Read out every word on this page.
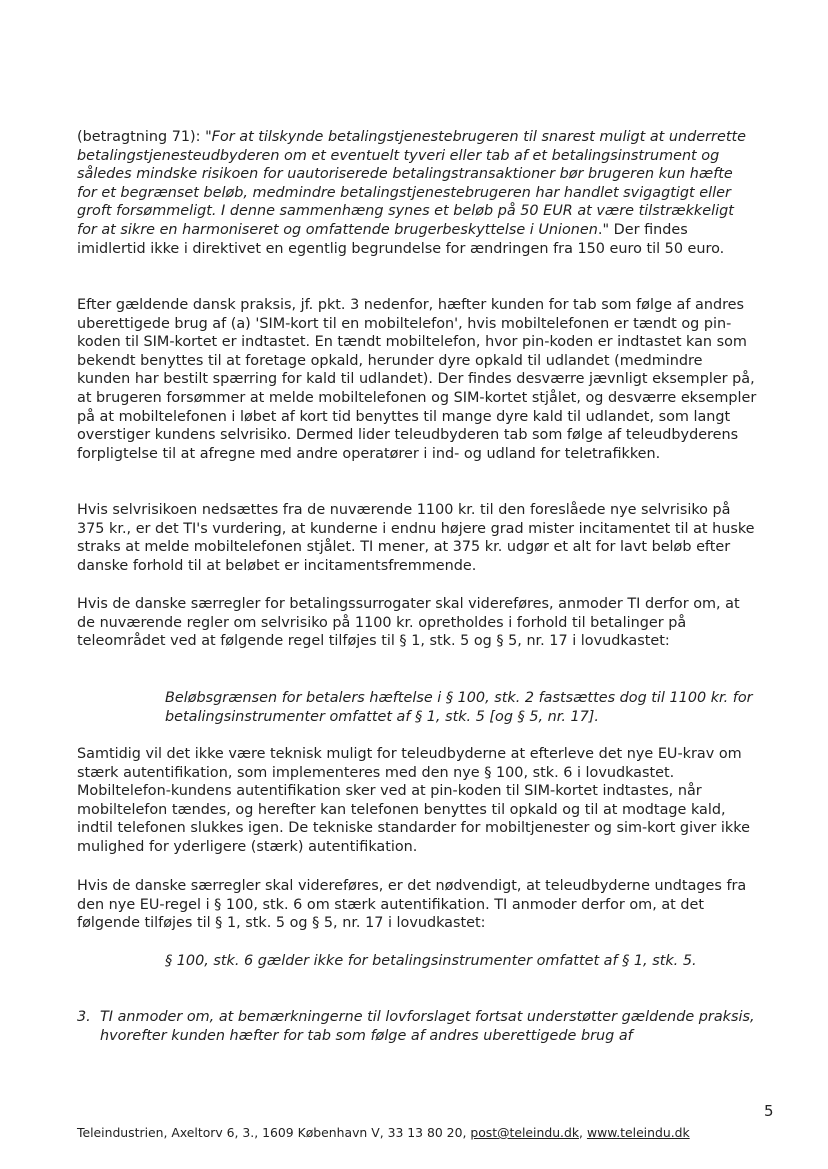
(betragtning 71): "For at tilskynde betalingstjenestebrugeren til snarest muligt at underrette betalingstjenesteudbyderen om et eventuelt tyveri eller tab af et betalingsinstrument og således mindske risikoen for uautoriserede betalingstransaktioner bør brugeren kun hæfte for et begrænset beløb, medmindre betalingstjenestebrugeren har handlet svigagtigt eller groft forsømmeligt. I denne sammenhæng synes et beløb på 50 EUR at være tilstrækkeligt for at sikre en harmoniseret og omfattende brugerbeskyttelse i Unionen." Der findes imidlertid ikke i direktivet en egentlig begrundelse for ændringen fra 150 euro til 50 euro.

Efter gældende dansk praksis, jf. pkt. 3 nedenfor, hæfter kunden for tab som følge af andres uberettigede brug af (a) 'SIM-kort til en mobiltelefon', hvis mobiltelefonen er tændt og pin-koden til SIM-kortet er indtastet. En tændt mobiltelefon, hvor pin-koden er indtastet kan som bekendt benyttes til at foretage opkald, herunder dyre opkald til udlandet (medmindre kunden har bestilt spærring for kald til udlandet). Der findes desværre jævnligt eksempler på, at brugeren forsømmer at melde mobiltelefonen og SIM-kortet stjålet, og desværre eksempler på at mobiltelefonen i løbet af kort tid benyttes til mange dyre kald til udlandet, som langt overstiger kundens selvrisiko. Dermed lider teleudbyderen tab som følge af teleudbyderens forpligtelse til at afregne med andre operatører i ind- og udland for teletrafikken.

Hvis selvrisikoen nedsættes fra de nuværende 1100 kr. til den foreslåede nye selvrisiko på 375 kr., er det TI's vurdering, at kunderne i endnu højere grad mister incitamentet til at huske straks at melde mobiltelefonen stjålet. TI mener, at 375 kr. udgør et alt for lavt beløb efter danske forhold til at beløbet er incitamentsfremmende.

Hvis de danske særregler for betalingssurrogater skal videreføres, anmoder TI derfor om, at de nuværende regler om selvrisiko på 1100 kr. opretholdes i forhold til betalinger på teleområdet ved at følgende regel tilføjes til § 1, stk. 5 og § 5, nr. 17 i lovudkastet:

Beløbsgrænsen for betalers hæftelse i § 100, stk. 2 fastsættes dog til 1100 kr. for betalingsinstrumenter omfattet af § 1, stk. 5 [og § 5, nr. 17].

Samtidig vil det ikke være teknisk muligt for teleudbyderne at efterleve det nye EU-krav om stærk autentifikation, som implementeres med den nye § 100, stk. 6 i lovudkastet. Mobiltelefon-kundens autentifikation sker ved at pin-koden til SIM-kortet indtastes, når mobiltelefon tændes, og herefter kan telefonen benyttes til opkald og til at modtage kald, indtil telefonen slukkes igen. De tekniske standarder for mobiltjenester og sim-kort giver ikke mulighed for yderligere (stærk) autentifikation.

Hvis de danske særregler skal videreføres, er det nødvendigt, at teleudbyderne undtages fra den nye EU-regel i § 100, stk. 6 om stærk autentifikation. TI anmoder derfor om, at det følgende tilføjes til § 1, stk. 5 og § 5, nr. 17 i lovudkastet:

§ 100, stk. 6 gælder ikke for betalingsinstrumenter omfattet af § 1, stk. 5.

3. TI anmoder om, at bemærkningerne til lovforslaget fortsat understøtter gældende praksis, hvorefter kunden hæfter for tab som følge af andres uberettigede brug af
5
Teleindustrien, Axeltorv 6, 3., 1609 København V, 33 13 80 20, post@teleindu.dk, www.teleindu.dk
